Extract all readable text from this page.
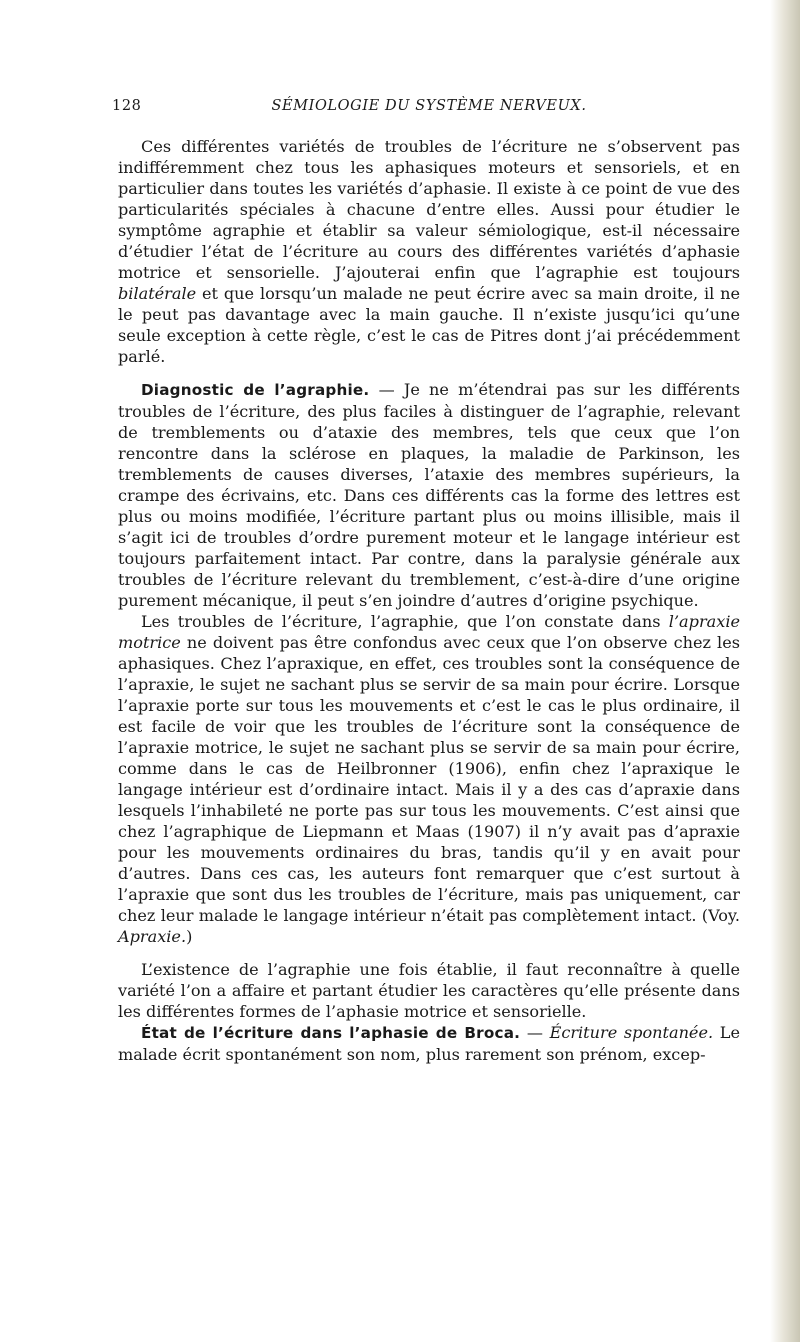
128	SÉMIOLOGIE DU SYSTÈME NERVEUX.

Ces différentes variétés de troubles de l’écriture ne s’observent pas indifféremment chez tous les aphasiques moteurs et sensoriels, et en particulier dans toutes les variétés d’aphasie. Il existe à ce point de vue des particularités spéciales à chacune d’entre elles. Aussi pour étudier le symptôme agraphie et établir sa valeur sémiologique, est-il nécessaire d’étudier l’état de l’écriture au cours des différentes variétés d’aphasie motrice et sensorielle. J’ajouterai enfin que l’agraphie est toujours bilatérale et que lorsqu’un malade ne peut écrire avec sa main droite, il ne le peut pas davantage avec la main gauche. Il n’existe jusqu’ici qu’une seule exception à cette règle, c’est le cas de Pitres dont j’ai précédemment parlé.

Diagnostic de l’agraphie. — Je ne m’étendrai pas sur les différents troubles de l’écriture, des plus faciles à distinguer de l’agraphie, relevant de tremblements ou d’ataxie des membres, tels que ceux que l’on rencontre dans la sclérose en plaques, la maladie de Parkinson, les tremblements de causes diverses, l’ataxie des membres supérieurs, la crampe des écrivains, etc. Dans ces différents cas la forme des lettres est plus ou moins modifiée, l’écriture partant plus ou moins illisible, mais il s’agit ici de troubles d’ordre purement moteur et le langage intérieur est toujours parfaitement intact. Par contre, dans la paralysie générale aux troubles de l’écriture relevant du tremblement, c’est-à-dire d’une origine purement mécanique, il peut s’en joindre d’autres d’origine psychique.

Les troubles de l’écriture, l’agraphie, que l’on constate dans l’apraxie motrice ne doivent pas être confondus avec ceux que l’on observe chez les aphasiques. Chez l’apraxique, en effet, ces troubles sont la conséquence de l’apraxie, le sujet ne sachant plus se servir de sa main pour écrire. Lorsque l’apraxie porte sur tous les mouvements et c’est le cas le plus ordinaire, il est facile de voir que les troubles de l’écriture sont la conséquence de l’apraxie motrice, le sujet ne sachant plus se servir de sa main pour écrire, comme dans le cas de Heilbronner (1906), enfin chez l’apraxique le langage intérieur est d’ordinaire intact. Mais il y a des cas d’apraxie dans lesquels l’inhabileté ne porte pas sur tous les mouvements. C’est ainsi que chez l’agraphique de Liepmann et Maas (1907) il n’y avait pas d’apraxie pour les mouvements ordinaires du bras, tandis qu’il y en avait pour d’autres. Dans ces cas, les auteurs font remarquer que c’est surtout à l’apraxie que sont dus les troubles de l’écriture, mais pas uniquement, car chez leur malade le langage intérieur n’était pas complètement intact. (Voy. Apraxie.)

L’existence de l’agraphie une fois établie, il faut reconnaître à quelle variété l’on a affaire et partant étudier les caractères qu’elle présente dans les différentes formes de l’aphasie motrice et sensorielle.

État de l’écriture dans l’aphasie de Broca. — Écriture spontanée. Le malade écrit spontanément son nom, plus rarement son prénom, excep-
